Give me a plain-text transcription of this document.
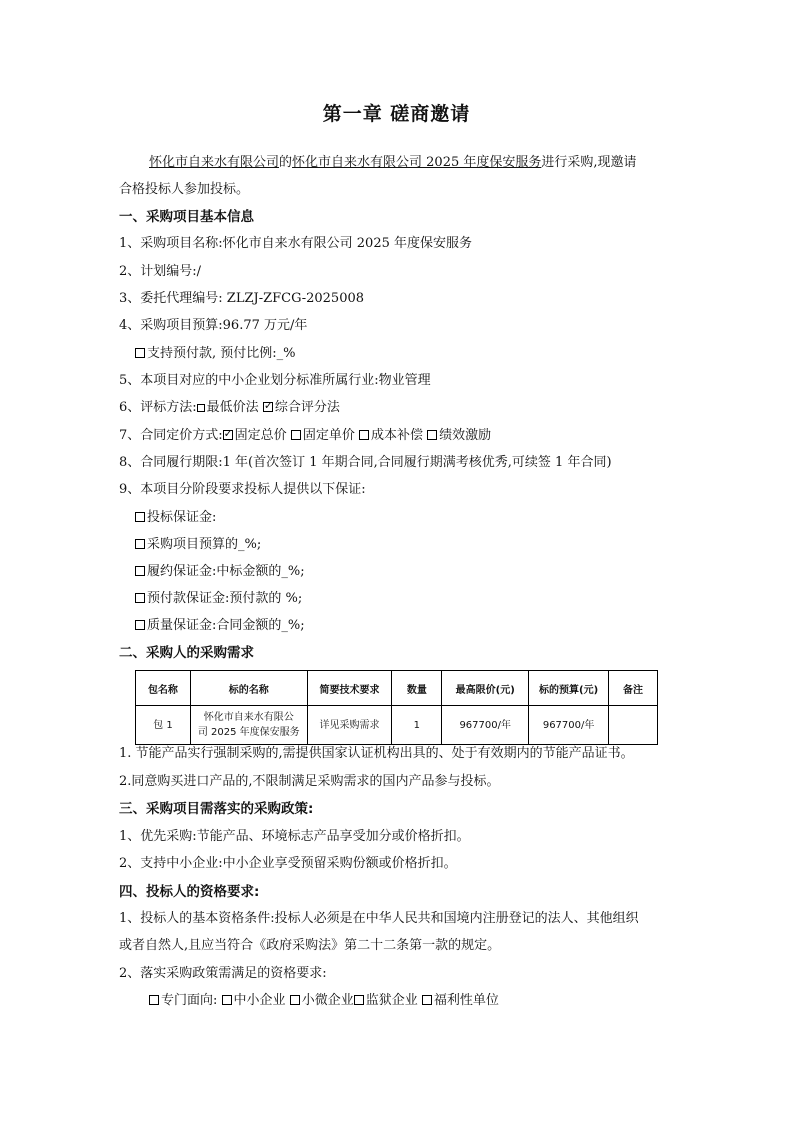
第一章 磋商邀请
怀化市自来水有限公司的怀化市自来水有限公司 2025 年度保安服务进行采购,现邀请
合格投标人参加投标。
一、采购项目基本信息
1、采购项目名称:怀化市自来水有限公司 2025 年度保安服务
2、计划编号:/
3、委托代理编号: ZLZJ-ZFCG-2025008
4、采购项目预算:96.77 万元/年
支持预付款, 预付比例:_%
5、本项目对应的中小企业划分标准所属行业:物业管理
6、评标方法: 最低价法 ✓ 综合评分法
7、合同定价方式: ✓ 固定总价 固定单价 成本补偿 绩效激励
8、合同履行期限:1 年(首次签订 1 年期合同,合同履行期满考核优秀,可续签 1 年合同)
9、本项目分阶段要求投标人提供以下保证:
投标保证金:
采购项目预算的_%;
履约保证金:中标金额的_%;
预付款保证金:预付款的 %;
质量保证金:合同金额的_%;
二、采购人的采购需求
包名称	标的名称	简要技术要求	数量	最高限价(元)	标的预算(元)	备注
包 1	怀化市自来水有限公
司 2025 年度保安服务	详见采购需求	1	967700/年	967700/年	
1. 节能产品实行强制采购的,需提供国家认证机构出具的、处于有效期内的节能产品证书。
2.同意购买进口产品的,不限制满足采购需求的国内产品参与投标。
三、采购项目需落实的采购政策:
1、优先采购:节能产品、环境标志产品享受加分或价格折扣。
2、支持中小企业:中小企业享受预留采购份额或价格折扣。
四、投标人的资格要求:
1、投标人的基本资格条件:投标人必须是在中华人民共和国境内注册登记的法人、其他组织
或者自然人,且应当符合《政府采购法》第二十二条第一款的规定。
2、落实采购政策需满足的资格要求:
专门面向: 中小企业 小微企业 监狱企业 福利性单位
